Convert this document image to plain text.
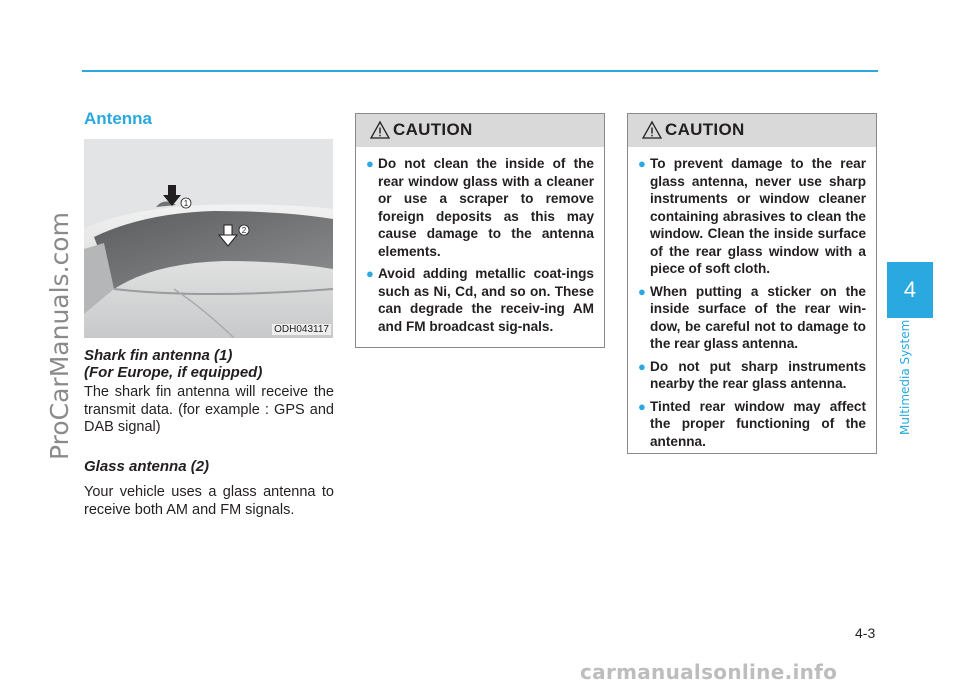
ProCarManuals.com
Antenna
1
2
ODH043117
Shark fin antenna (1)
(For Europe, if equipped)
The shark fin antenna will receive the transmit data. (for example : GPS and DAB signal)
Glass antenna (2)
Your vehicle uses a glass antenna to receive both AM and FM signals.
CAUTION
● Do not clean the inside of the rear window glass with a cleaner or use a scraper to remove foreign deposits as this may cause damage to the antenna elements.
● Avoid adding metallic coat-ings such as Ni, Cd, and so on. These can degrade the receiv-ing AM and FM broadcast sig-nals.
CAUTION
● To prevent damage to the rear glass antenna, never use sharp instruments or window cleaner containing abrasives to clean the window. Clean the inside surface of the rear glass window with a piece of soft cloth.
● When putting a sticker on the inside surface of the rear win-dow, be careful not to damage to the rear glass antenna.
● Do not put sharp instruments nearby the rear glass antenna.
● Tinted rear window may affect the proper functioning of the antenna.
4
Multimedia System
4-3
carmanualsonline.info
